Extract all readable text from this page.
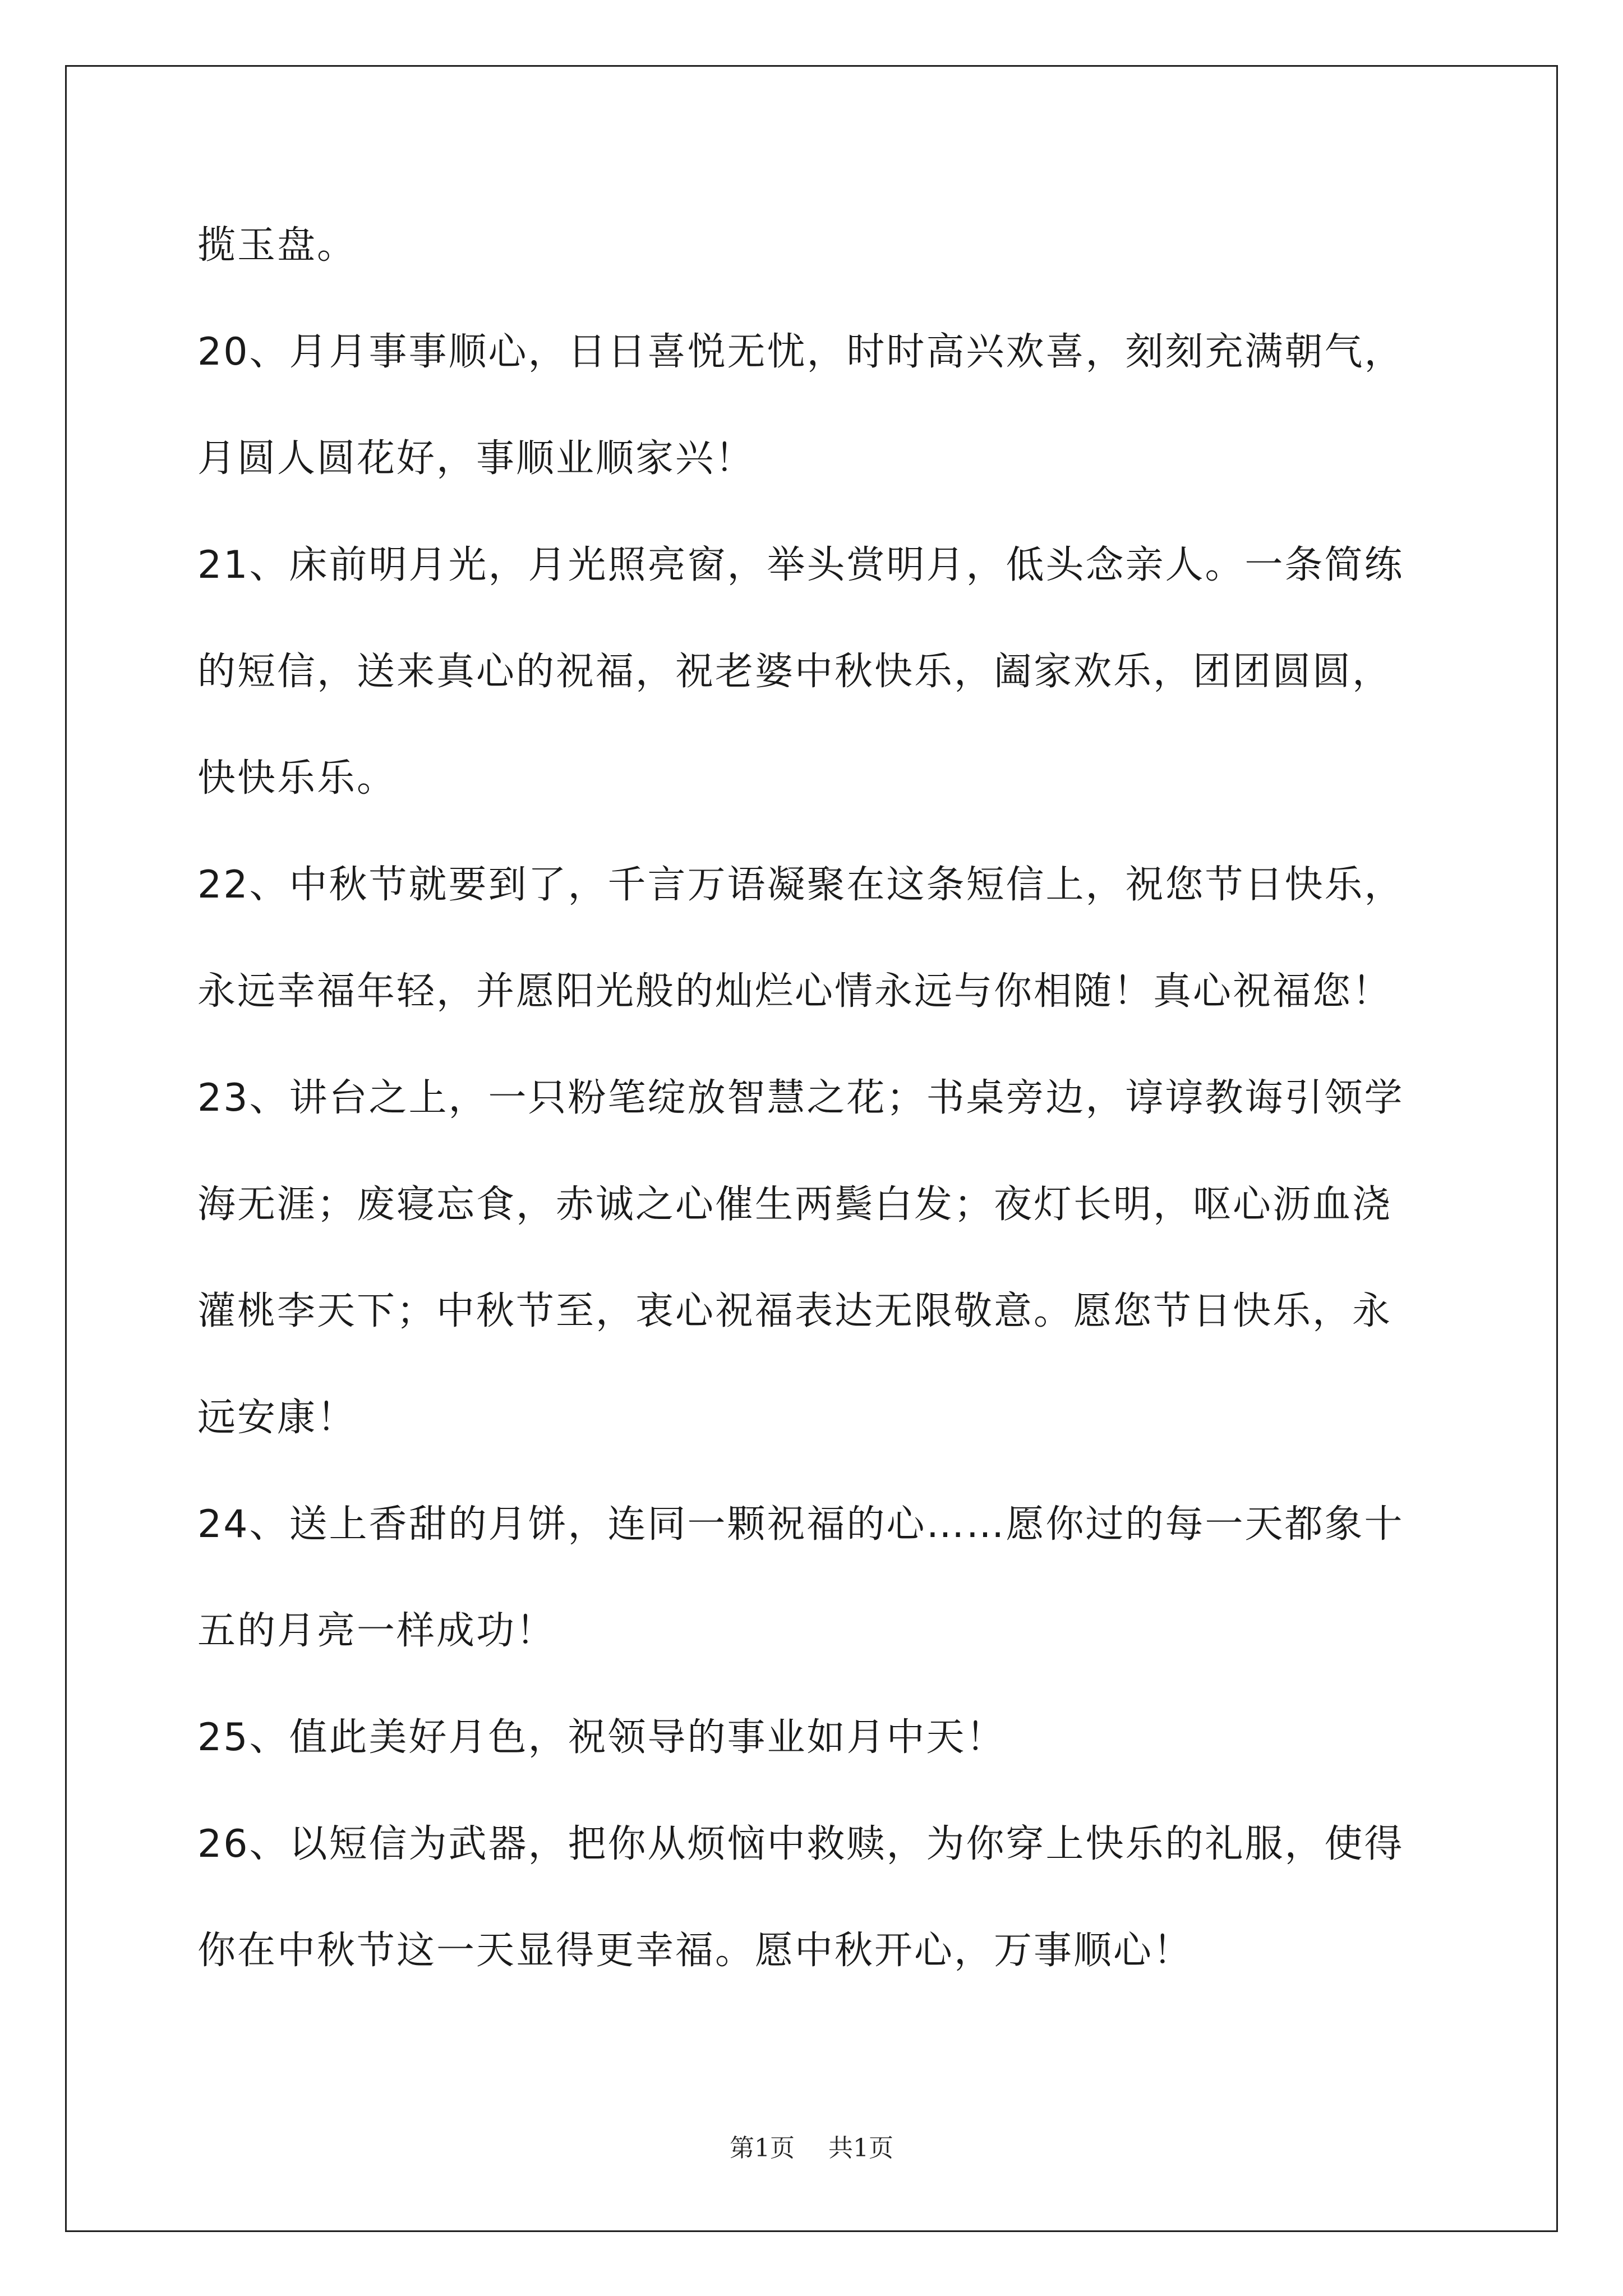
揽玉盘。
20、月月事事顺心，日日喜悦无忧，时时高兴欢喜，刻刻充满朝气，
月圆人圆花好，事顺业顺家兴！
21、床前明月光，月光照亮窗，举头赏明月，低头念亲人。一条简练
的短信，送来真心的祝福，祝老婆中秋快乐，阖家欢乐，团团圆圆，
快快乐乐。
22、中秋节就要到了，千言万语凝聚在这条短信上，祝您节日快乐，
永远幸福年轻，并愿阳光般的灿烂心情永远与你相随！真心祝福您！
23、讲台之上，一只粉笔绽放智慧之花；书桌旁边，谆谆教诲引领学
海无涯；废寝忘食，赤诚之心催生两鬓白发；夜灯长明，呕心沥血浇
灌桃李天下；中秋节至，衷心祝福表达无限敬意。愿您节日快乐，永
远安康！
24、送上香甜的月饼，连同一颗祝福的心……愿你过的每一天都象十
五的月亮一样成功！
25、值此美好月色，祝领导的事业如月中天！
26、以短信为武器，把你从烦恼中救赎，为你穿上快乐的礼服，使得
你在中秋节这一天显得更幸福。愿中秋开心，万事顺心！
第1页 共1页
